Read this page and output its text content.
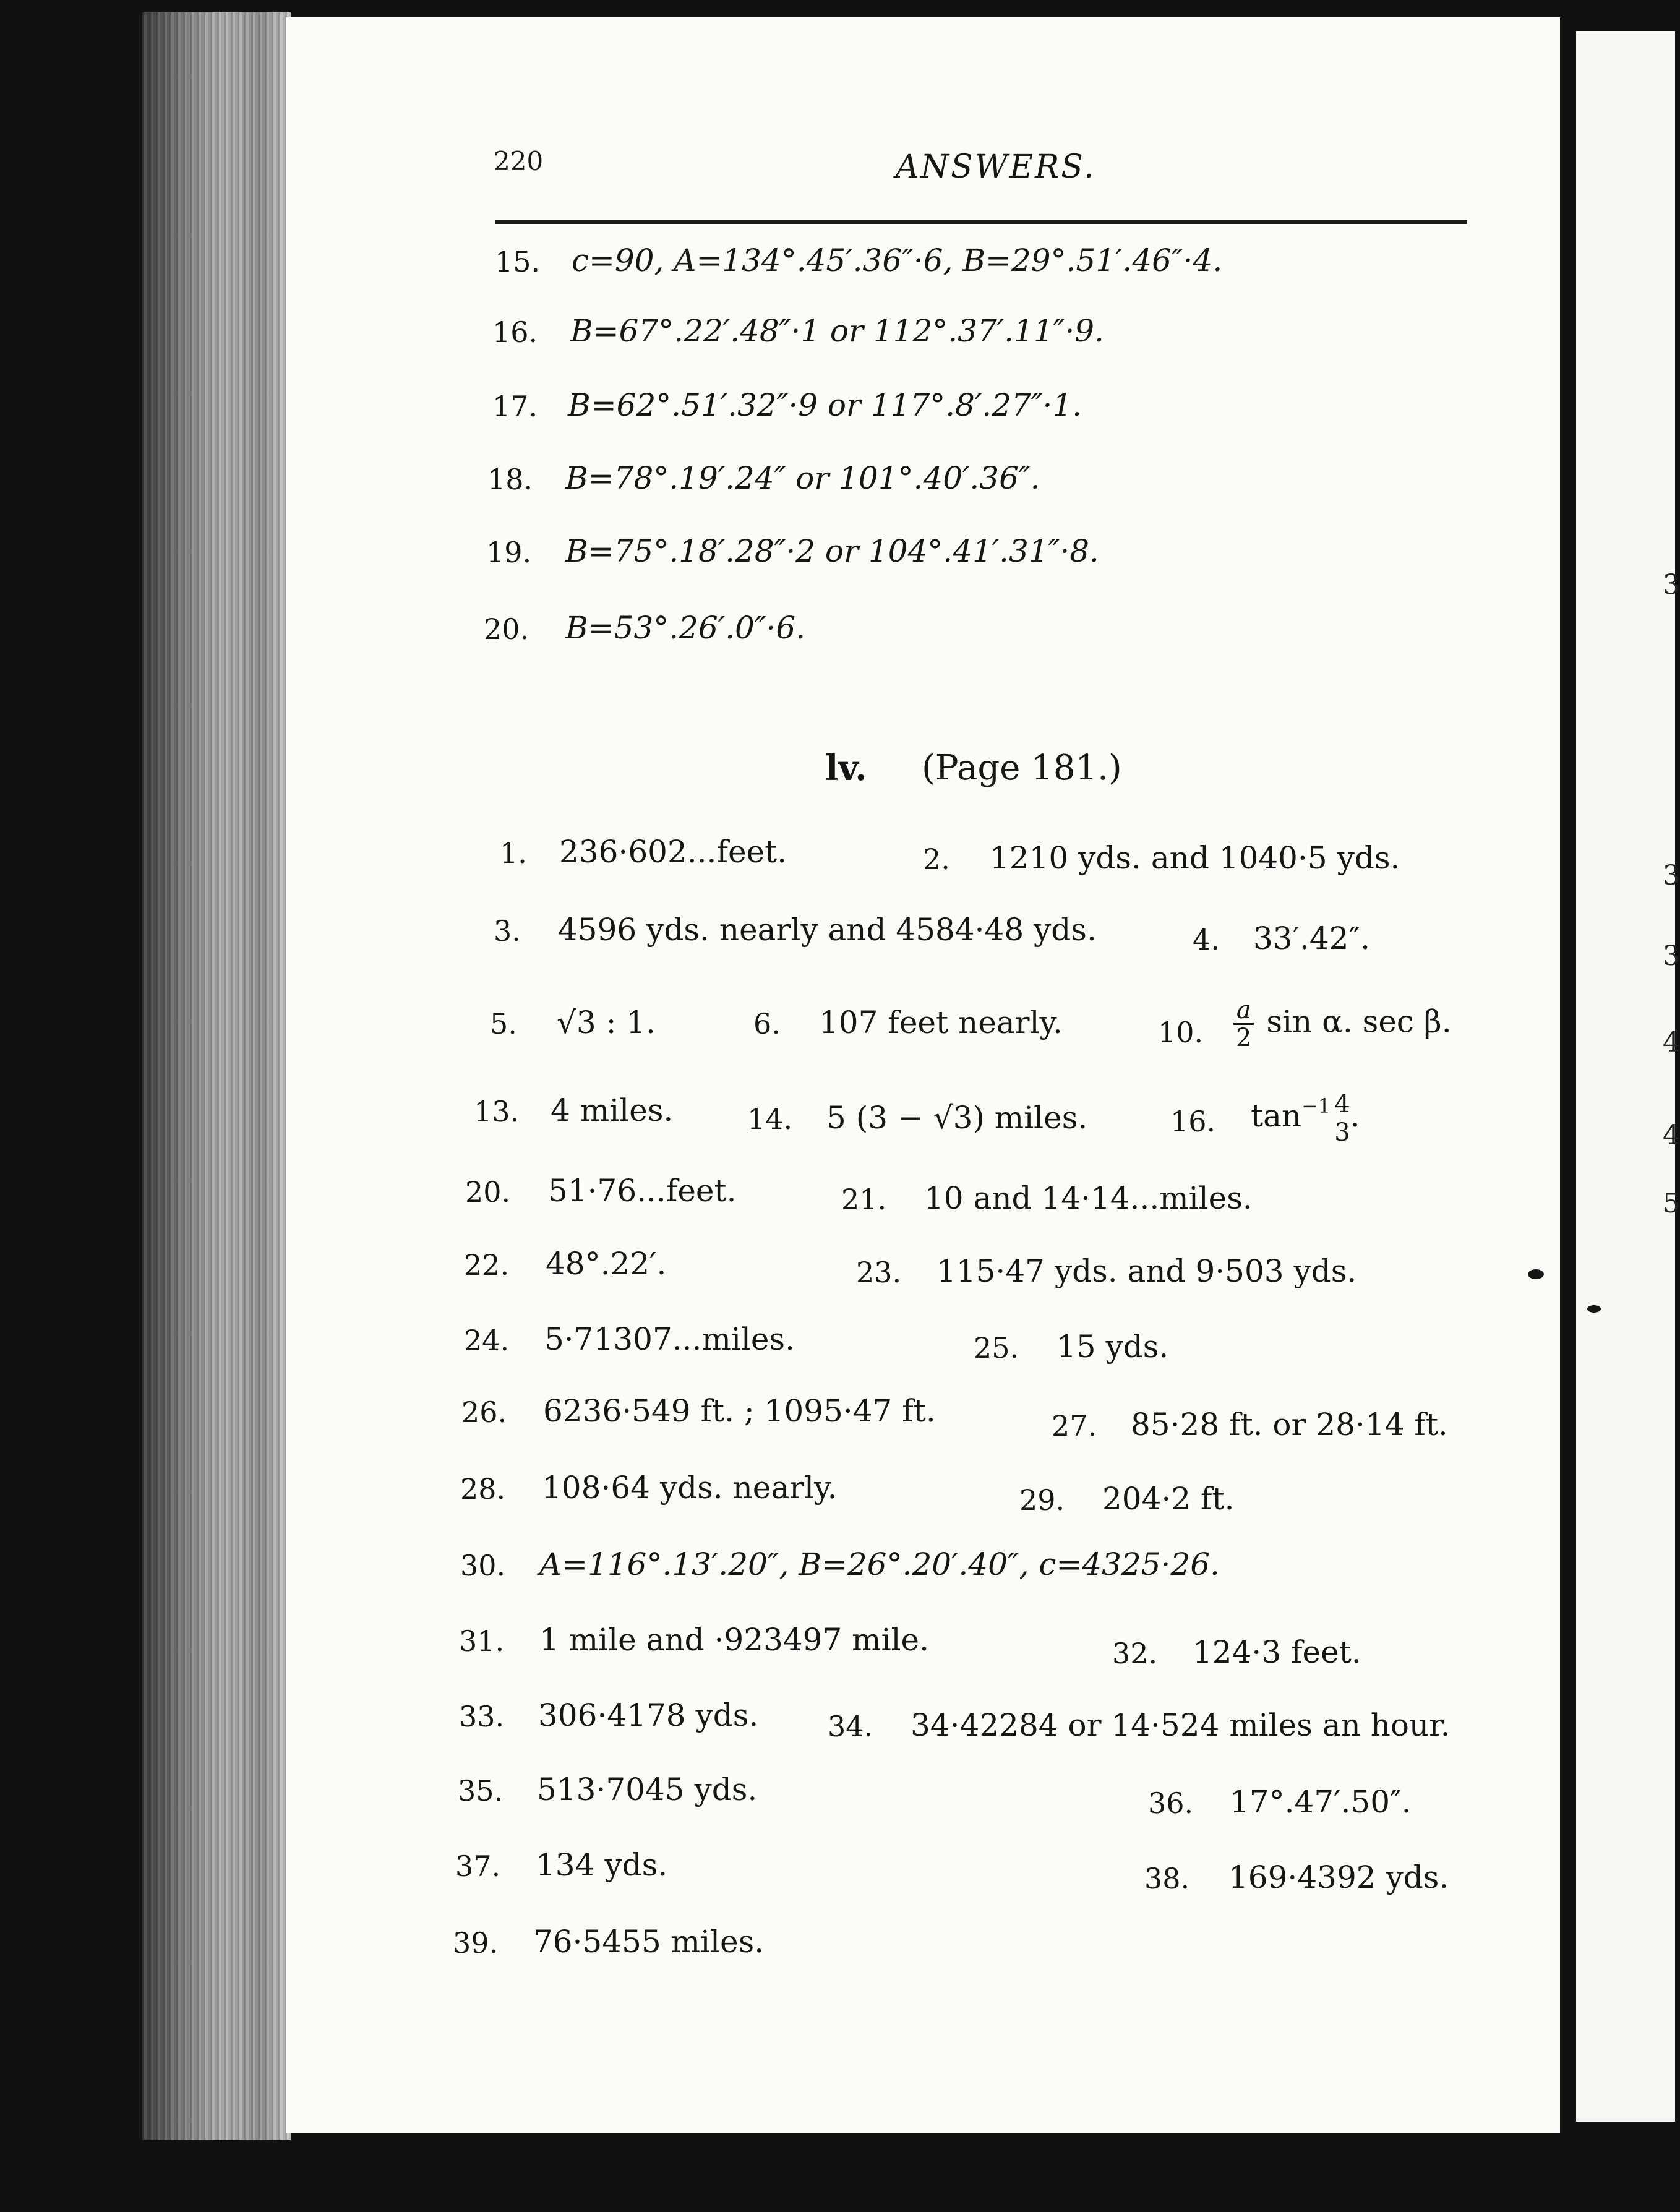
3
3
3
4
4
5
220	ANSWERS.
15. c=90, A=134°.45′.36″·6, B=29°.51′.46″·4.
16. B=67°.22′.48″·1 or 112°.37′.11″·9.
17. B=62°.51′.32″·9 or 117°.8′.27″·1.
18. B=78°.19′.24″ or 101°.40′.36″.
19. B=75°.18′.28″·2 or 104°.41′.31″·8.
20. B=53°.26′.0″·6.
lv. (Page 181.)
1. 236·602...feet.	2. 1210 yds. and 1040·5 yds.
3. 4596 yds. nearly and 4584·48 yds.	4. 33′.42″.
5. √3 : 1.	6. 107 feet nearly.	10. $\frac{a}{2}$ sin α. sec β.
13. 4 miles.	14. 5 (3 − √3) miles.	16. $\tan^{-1} 4$
3 .
20. 51·76...feet.	21. 10 and 14·14...miles.
22. 48°.22′.	23. 115·47 yds. and 9·503 yds.
24. 5·71307...miles.	25. 15 yds.
26. 6236·549 ft. ; 1095·47 ft.	27. 85·28 ft. or 28·14 ft.
28. 108·64 yds. nearly.	29. 204·2 ft.
30. A=116°.13′.20″, B=26°.20′.40″, c=4325·26.
31. 1 mile and ·923497 mile.	32. 124·3 feet.
33. 306·4178 yds. 34. 34·42284 or 14·524 miles an hour.
35. 513·7045 yds.	36. 17°.47′.50″.
37. 134 yds.	38. 169·4392 yds.
39. 76·5455 miles.
